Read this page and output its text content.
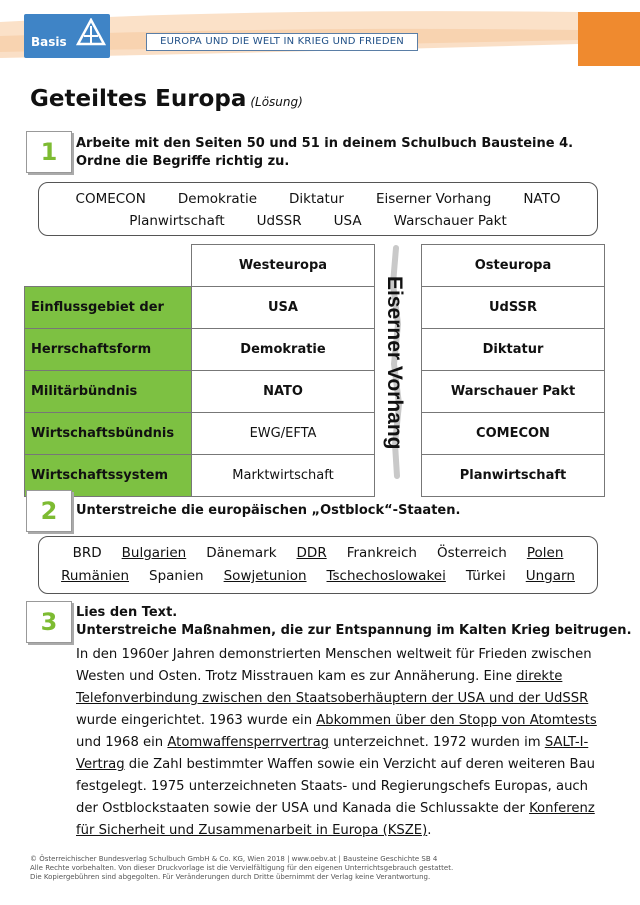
Basis	EUROPA UND DIE WELT IN KRIEG UND FRIEDEN
Geteiltes Europa (Lösung)
1	Arbeite mit den Seiten 50 und 51 in deinem Schulbuch Bausteine 4.
Ordne die Begriffe richtig zu.
COMECON Demokratie Diktatur Eiserner Vorhang NATO
Planwirtschaft UdSSR USA Warschauer Pakt
	Westeuropa		Osteuropa
Einflussgebiet der	USA		UdSSR
Herrschaftsform	Demokratie		Diktatur
Militärbündnis	NATO		Warschauer Pakt
Wirtschaftsbündnis	EWG/EFTA		COMECON
Wirtschaftssystem	Marktwirtschaft		Planwirtschaft
Eiserner Vorhang
2	Unterstreiche die europäischen „Ostblock“-Staaten.
BRD Bulgarien Dänemark DDR Frankreich Österreich Polen
Rumänien Spanien Sowjetunion Tschechoslowakei Türkei Ungarn
3	Lies den Text.
Unterstreiche Maßnahmen, die zur Entspannung im Kalten Krieg beitrugen.
In den 1960er Jahren demonstrierten Menschen weltweit für Frieden zwischen Westen und Osten. Trotz Misstrauen kam es zur Annäherung. Eine direkte Telefonverbindung zwischen den Staatsoberhäuptern der USA und der UdSSR wurde eingerichtet. 1963 wurde ein Abkommen über den Stopp von Atomtests und 1968 ein Atomwaffensperrvertrag unterzeichnet. 1972 wurden im SALT-I-Vertrag die Zahl bestimmter Waffen sowie ein Verzicht auf deren weiteren Bau festgelegt. 1975 unterzeichneten Staats- und Regierungschefs Europas, auch der Ostblockstaaten sowie der USA und Kanada die Schlussakte der Konferenz für Sicherheit und Zusammenarbeit in Europa (KSZE).
© Österreichischer Bundesverlag Schulbuch GmbH & Co. KG, Wien 2018 | www.oebv.at | Bausteine Geschichte SB 4
Alle Rechte vorbehalten. Von dieser Druckvorlage ist die Vervielfältigung für den eigenen Unterrichtsgebrauch gestattet.
Die Kopiergebühren sind abgegolten. Für Veränderungen durch Dritte übernimmt der Verlag keine Verantwortung.
